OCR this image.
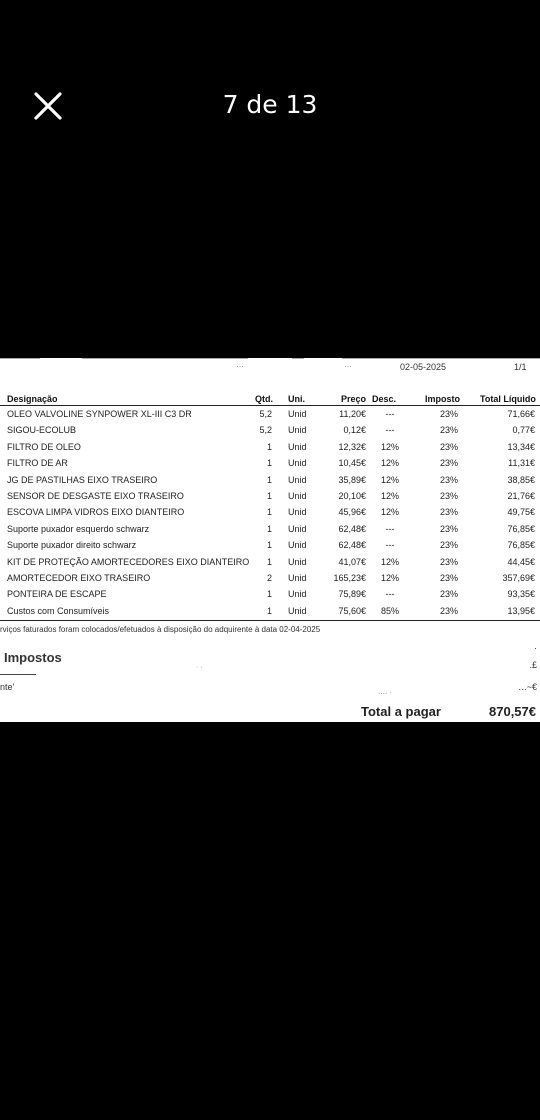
7 de 13
…	…	02-05-2025	1/1
Designação	Qtd. Uni.	Preço Desc.	Imposto Total Líquido
OLEO VALVOLINE SYNPOWER XL-III C3 DR	5,2 Unid	11,20€	---	23%	71,66€
SIGOU-ECOLUB	5,2 Unid	0,12€	---	23%	0,77€
FILTRO DE OLEO	1 Unid	12,32€	12%	23%	13,34€
FILTRO DE AR	1 Unid	10,45€	12%	23%	11,31€
JG DE PASTILHAS EIXO TRASEIRO	1 Unid	35,89€	12%	23%	38,85€
SENSOR DE DESGASTE EIXO TRASEIRO	1 Unid	20,10€	12%	23%	21,76€
ESCOVA LIMPA VIDROS EIXO DIANTEIRO	1 Unid	45,96€	12%	23%	49,75€
Suporte puxador esquerdo schwarz	1 Unid	62,48€	---	23%	76,85€
Suporte puxador direito schwarz	1 Unid	62,48€	---	23%	76,85€
KIT DE PROTEÇÃO AMORTECEDORES EIXO DIANTEIRO	1 Unid	41,07€	12%	23%	44,45€
AMORTECEDOR EIXO TRASEIRO	2 Unid	165,23€	12%	23%	357,69€
PONTEIRA DE ESCAPE	1 Unid	75,89€	---	23%	93,35€
Custos com Consumíveis	1 Unid	75,60€	85%	23%	13,95€
rviços faturados foram colocados/efetuados à disposição do adquirente à data 02-04-2025
Impostos
nte'
· ·
‥‥ ·
·
.£
‥.~€
Total a pagar	870,57€
